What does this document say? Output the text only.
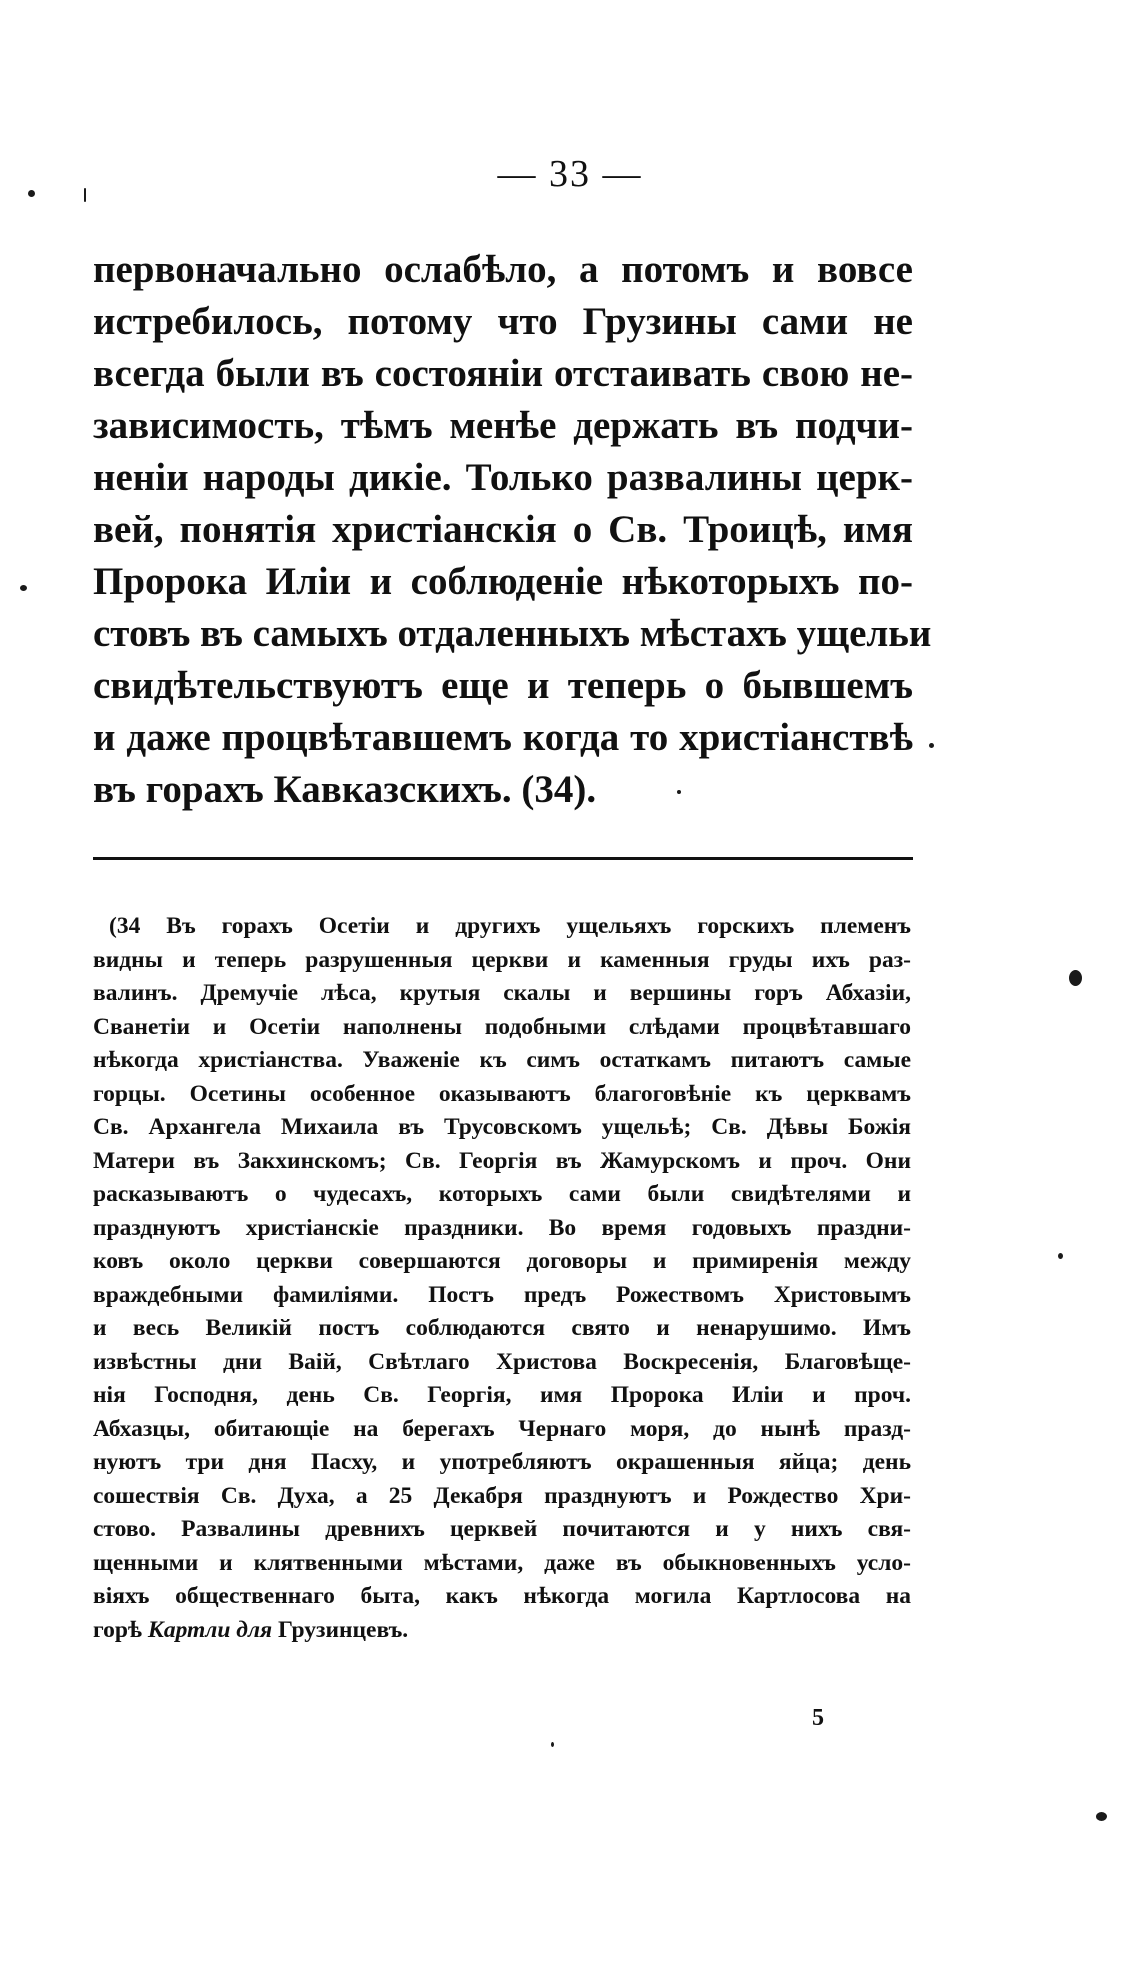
— 33 —
первоначально ослабѣло, а потомъ и вовсе
истребилось, потому что Грузины сами не
всегда были въ состояніи отстаивать свою не-
зависимость, тѣмъ менѣе держать въ подчи-
неніи народы дикіе. Только развалины церк-
вей, понятія христіанскія о Св. Троицѣ, имя
Пророка Иліи и соблюденіе нѣкоторыхъ по-
стовъ въ самыхъ отдаленныхъ мѣстахъ ущельи
свидѣтельствуютъ еще и теперь о бывшемъ
и даже процвѣтавшемъ когда то христіанствѣ
въ горахъ Кавказскихъ. (34).
(34 Въ горахъ Осетіи и другихъ ущельяхъ горскихъ племенъ
видны и теперь разрушенныя церкви и каменныя груды ихъ раз-
валинъ. Дремучіе лѣса, крутыя скалы и вершины горъ Абхазіи,
Сванетіи и Осетіи наполнены подобными слѣдами процвѣтавшаго
нѣкогда христіанства. Уваженіе къ симъ остаткамъ питаютъ самые
горцы. Осетины особенное оказываютъ благоговѣніе къ церквамъ
Св. Архангела Михаила въ Трусовскомъ ущельѣ; Св. Дѣвы Божія
Матери въ Закхинскомъ; Св. Георгія въ Жамурскомъ и проч. Они
расказываютъ о чудесахъ, которыхъ сами были свидѣтелями и
празднуютъ христіанскіе праздники. Во время годовыхъ праздни-
ковъ около церкви совершаются договоры и примиренія между
враждебными фамиліями. Постъ предъ Рожествомъ Христовымъ
и весь Великій постъ соблюдаются свято и ненарушимо. Имъ
извѣстны дни Ваій, Свѣтлаго Христова Воскресенія, Благовѣще-
нія Господня, день Св. Георгія, имя Пророка Иліи и проч.
Абхазцы, обитающіе на берегахъ Чернаго моря, до нынѣ празд-
нуютъ три дня Пасху, и употребляютъ окрашенныя яйца; день
сошествія Св. Духа, а 25 Декабря празднуютъ и Рождество Хри-
стово. Развалины древнихъ церквей почитаются и у нихъ свя-
щенными и клятвенными мѣстами, даже въ обыкновенныхъ усло-
віяхъ общественнаго быта, какъ нѣкогда могила Картлосова на
горѣ Картли для Грузинцевъ.
5
